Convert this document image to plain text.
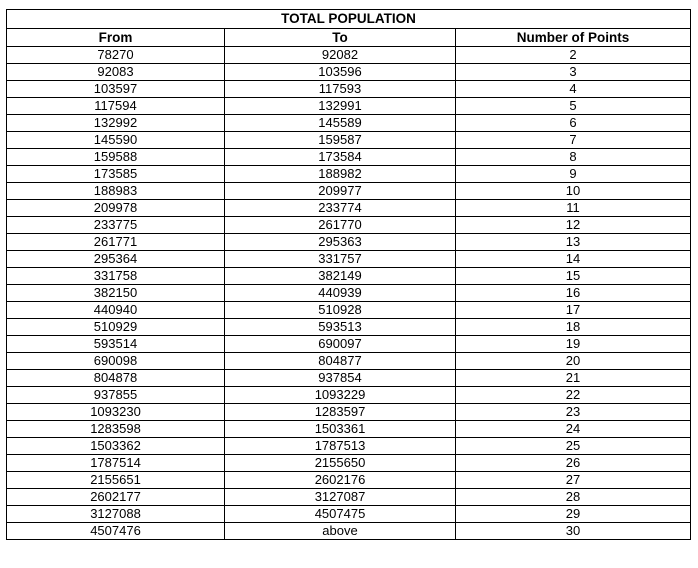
TOTAL POPULATION		
From	To	Number of Points
78270	92082	2
92083	103596	3
103597	117593	4
117594	132991	5
132992	145589	6
145590	159587	7
159588	173584	8
173585	188982	9
188983	209977	10
209978	233774	11
233775	261770	12
261771	295363	13
295364	331757	14
331758	382149	15
382150	440939	16
440940	510928	17
510929	593513	18
593514	690097	19
690098	804877	20
804878	937854	21
937855	1093229	22
1093230	1283597	23
1283598	1503361	24
1503362	1787513	25
1787514	2155650	26
2155651	2602176	27
2602177	3127087	28
3127088	4507475	29
4507476	above	30
